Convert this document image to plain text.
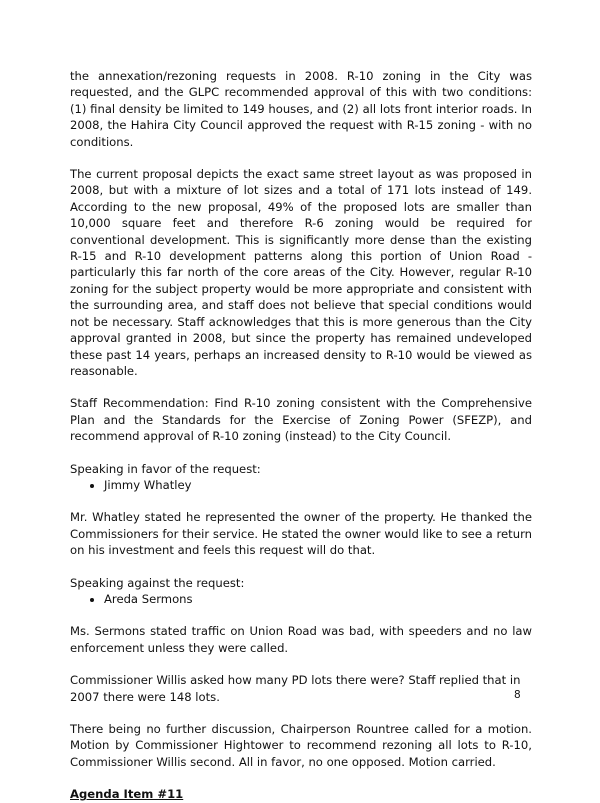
the annexation/rezoning requests in 2008. R-10 zoning in the City was requested, and the GLPC recommended approval of this with two conditions: (1) final density be limited to 149 houses, and (2) all lots front interior roads. In 2008, the Hahira City Council approved the request with R-15 zoning - with no conditions.

The current proposal depicts the exact same street layout as was proposed in 2008, but with a mixture of lot sizes and a total of 171 lots instead of 149. According to the new proposal, 49% of the proposed lots are smaller than 10,000 square feet and therefore R-6 zoning would be required for conventional development. This is significantly more dense than the existing R-15 and R-10 development patterns along this portion of Union Road - particularly this far north of the core areas of the City. However, regular R-10 zoning for the subject property would be more appropriate and consistent with the surrounding area, and staff does not believe that special conditions would not be necessary. Staff acknowledges that this is more generous than the City approval granted in 2008, but since the property has remained undeveloped these past 14 years, perhaps an increased density to R-10 would be viewed as reasonable.

Staff Recommendation: Find R-10 zoning consistent with the Comprehensive Plan and the Standards for the Exercise of Zoning Power (SFEZP), and recommend approval of R-10 zoning (instead) to the City Council.

Speaking in favor of the request:

• Jimmy Whatley

Mr. Whatley stated he represented the owner of the property. He thanked the Commissioners for their service. He stated the owner would like to see a return on his investment and feels this request will do that.

Speaking against the request:

• Areda Sermons

Ms. Sermons stated traffic on Union Road was bad, with speeders and no law enforcement unless they were called.

Commissioner Willis asked how many PD lots there were? Staff replied that in 2007 there were 148 lots.

There being no further discussion, Chairperson Rountree called for a motion. Motion by Commissioner Hightower to recommend rezoning all lots to R-10, Commissioner Willis second. All in favor, no one opposed. Motion carried.

Agenda Item #11

8
